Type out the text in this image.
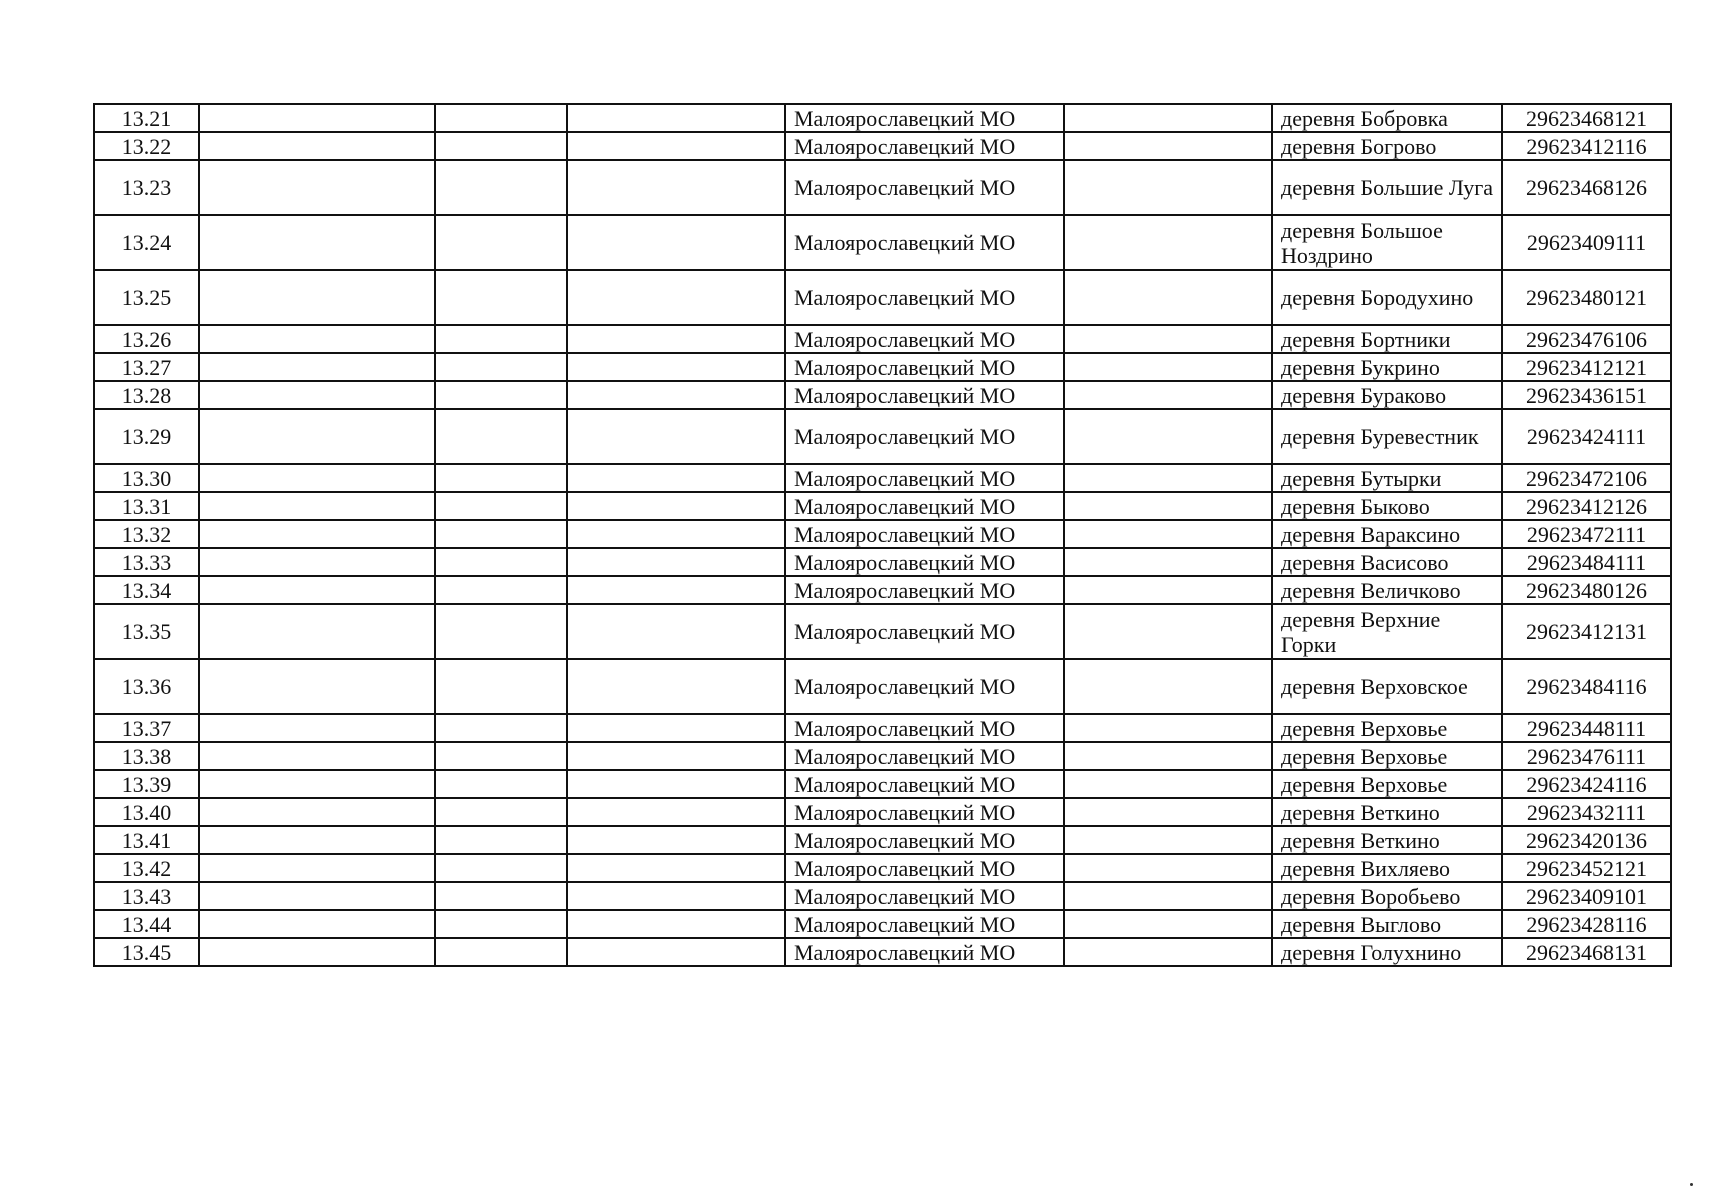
13.21				Малоярославецкий МО		деревня Бобровка	29623468121
13.22				Малоярославецкий МО		деревня Богрово	29623412116
13.23				Малоярославецкий МО		деревня Большие Луга	29623468126
13.24				Малоярославецкий МО		деревня Большое Ноздрино	29623409111
13.25				Малоярославецкий МО		деревня Бородухино	29623480121
13.26				Малоярославецкий МО		деревня Бортники	29623476106
13.27				Малоярославецкий МО		деревня Букрино	29623412121
13.28				Малоярославецкий МО		деревня Бураково	29623436151
13.29				Малоярославецкий МО		деревня Буревестник	29623424111
13.30				Малоярославецкий МО		деревня Бутырки	29623472106
13.31				Малоярославецкий МО		деревня Быково	29623412126
13.32				Малоярославецкий МО		деревня Вараксино	29623472111
13.33				Малоярославецкий МО		деревня Васисово	29623484111
13.34				Малоярославецкий МО		деревня Величково	29623480126
13.35				Малоярославецкий МО		деревня Верхние Горки	29623412131
13.36				Малоярославецкий МО		деревня Верховское	29623484116
13.37				Малоярославецкий МО		деревня Верховье	29623448111
13.38				Малоярославецкий МО		деревня Верховье	29623476111
13.39				Малоярославецкий МО		деревня Верховье	29623424116
13.40				Малоярославецкий МО		деревня Веткино	29623432111
13.41				Малоярославецкий МО		деревня Веткино	29623420136
13.42				Малоярославецкий МО		деревня Вихляево	29623452121
13.43				Малоярославецкий МО		деревня Воробьево	29623409101
13.44				Малоярославецкий МО		деревня Выглово	29623428116
13.45				Малоярославецкий МО		деревня Голухнино	29623468131
